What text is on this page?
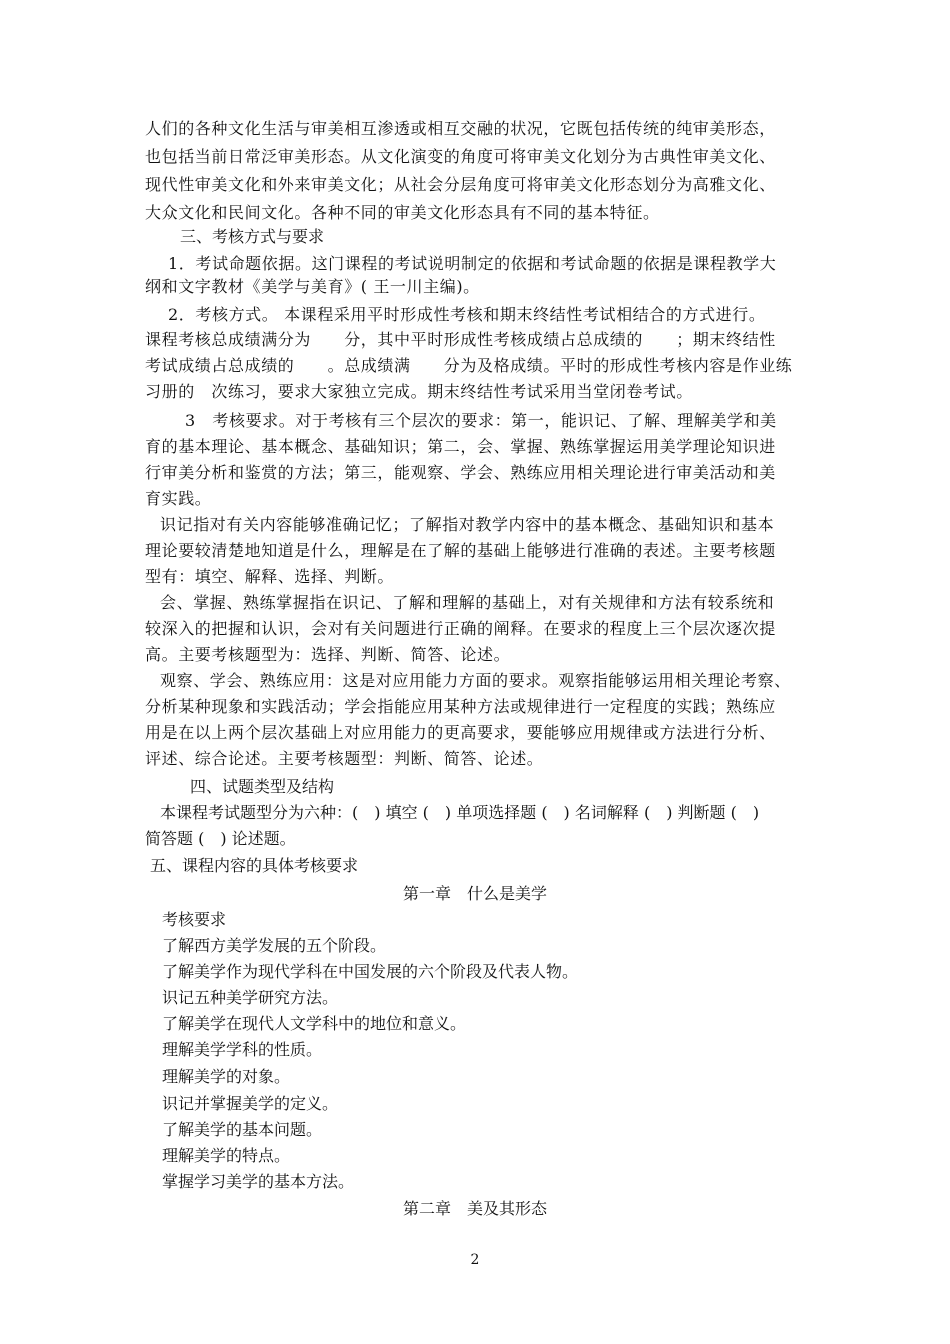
人们的各种文化生活与审美相互渗透或相互交融的状况，它既包括传统的纯审美形态，
也包括当前日常泛审美形态。从文化演变的角度可将审美文化划分为古典性审美文化、
现代性审美文化和外来审美文化；从社会分层角度可将审美文化形态划分为高雅文化、
大众文化和民间文化。各种不同的审美文化形态具有不同的基本特征。
三、考核方式与要求
1．考试命题依据。这门课程的考试说明制定的依据和考试命题的依据是课程教学大
纲和文字教材《美学与美育》( 王一川主编)。
2．考核方式。 本课程采用平时形成性考核和期末终结性考试相结合的方式进行。
课程考核总成绩满分为　　分，其中平时形成性考核成绩占总成绩的　　；期末终结性
考试成绩占总成绩的　　。总成绩满　　分为及格成绩。平时的形成性考核内容是作业练
习册的　次练习，要求大家独立完成。期末终结性考试采用当堂闭卷考试。
3　考核要求。对于考核有三个层次的要求：第一，能识记、了解、理解美学和美
育的基本理论、基本概念、基础知识；第二，会、掌握、熟练掌握运用美学理论知识进
行审美分析和鉴赏的方法；第三，能观察、学会、熟练应用相关理论进行审美活动和美
育实践。
识记指对有关内容能够准确记忆；了解指对教学内容中的基本概念、基础知识和基本
理论要较清楚地知道是什么，理解是在了解的基础上能够进行准确的表述。主要考核题
型有：填空、解释、选择、判断。
会、掌握、熟练掌握指在识记、了解和理解的基础上，对有关规律和方法有较系统和
较深入的把握和认识，会对有关问题进行正确的阐释。在要求的程度上三个层次逐次提
高。主要考核题型为：选择、判断、简答、论述。
观察、学会、熟练应用：这是对应用能力方面的要求。观察指能够运用相关理论考察、
分析某种现象和实践活动；学会指能应用某种方法或规律进行一定程度的实践；熟练应
用是在以上两个层次基础上对应用能力的更高要求，要能够应用规律或方法进行分析、
评述、综合论述。主要考核题型：判断、简答、论述。
四、试题类型及结构
本课程考试题型分为六种：(　) 填空 (　) 单项选择题 (　) 名词解释 (　) 判断题 (　)
简答题 (　) 论述题。
五、课程内容的具体考核要求
第一章　什么是美学
考核要求
了解西方美学发展的五个阶段。
了解美学作为现代学科在中国发展的六个阶段及代表人物。
识记五种美学研究方法。
了解美学在现代人文学科中的地位和意义。
理解美学学科的性质。
理解美学的对象。
识记并掌握美学的定义。
了解美学的基本问题。
理解美学的特点。
掌握学习美学的基本方法。
第二章　美及其形态
2
